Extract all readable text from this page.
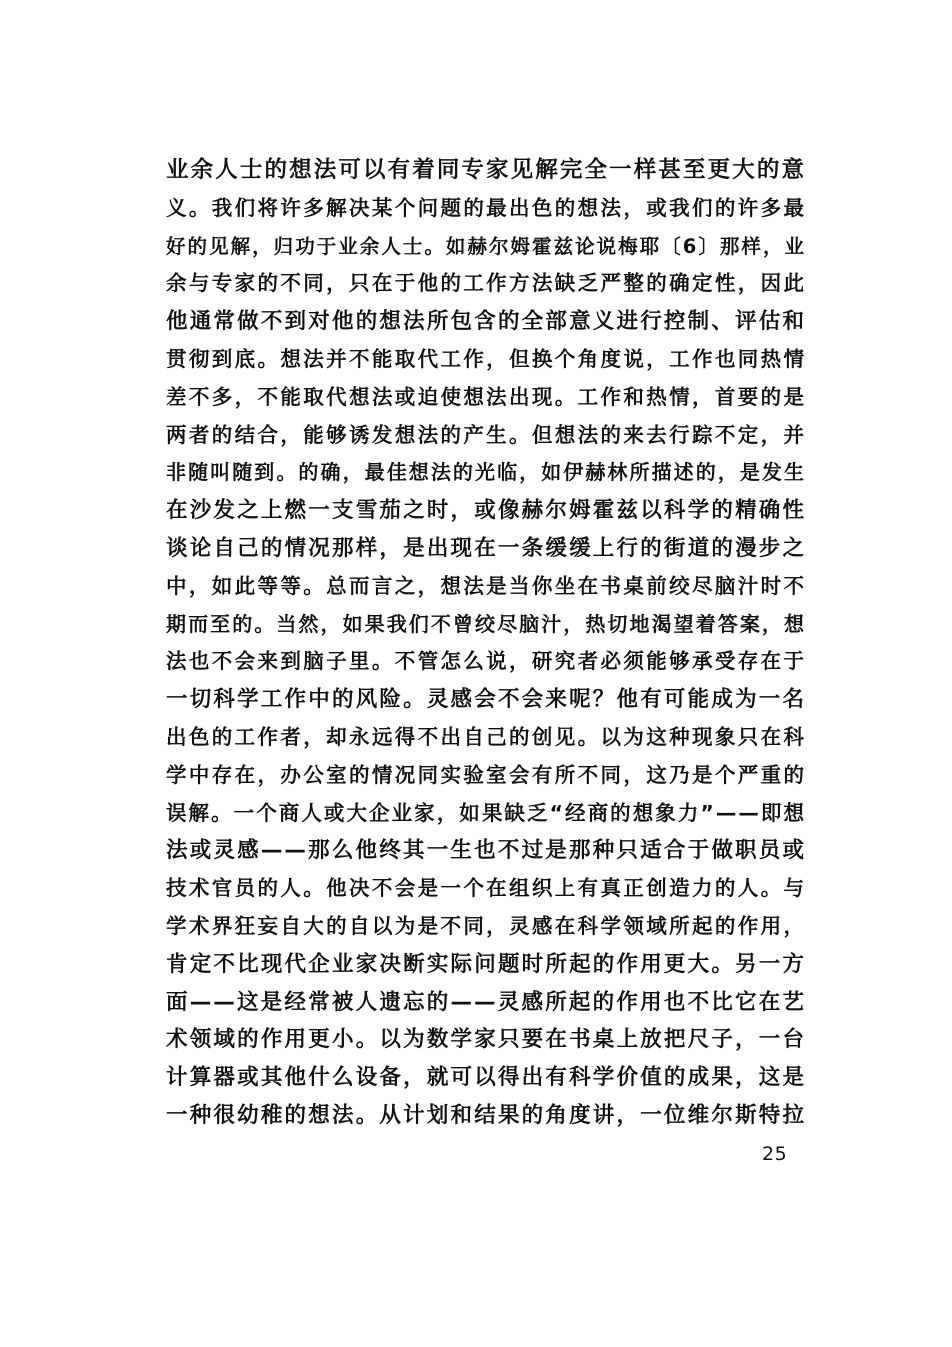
业余人士的想法可以有着同专家见解完全一样甚至更大的意
义。我们将许多解决某个问题的最出色的想法，或我们的许多最
好的见解，归功于业余人士。如赫尔姆霍兹论说梅耶〔6〕那样，业
余与专家的不同，只在于他的工作方法缺乏严整的确定性，因此
他通常做不到对他的想法所包含的全部意义进行控制、评估和
贯彻到底。想法并不能取代工作，但换个角度说，工作也同热情
差不多，不能取代想法或迫使想法出现。工作和热情，首要的是
两者的结合，能够诱发想法的产生。但想法的来去行踪不定，并
非随叫随到。的确，最佳想法的光临，如伊赫林所描述的，是发生
在沙发之上燃一支雪茄之时，或像赫尔姆霍兹以科学的精确性
谈论自己的情况那样，是出现在一条缓缓上行的街道的漫步之
中，如此等等。总而言之，想法是当你坐在书桌前绞尽脑汁时不
期而至的。当然，如果我们不曾绞尽脑汁，热切地渴望着答案，想
法也不会来到脑子里。不管怎么说，研究者必须能够承受存在于
一切科学工作中的风险。灵感会不会来呢？他有可能成为一名
出色的工作者，却永远得不出自己的创见。以为这种现象只在科
学中存在，办公室的情况同实验室会有所不同，这乃是个严重的
误解。一个商人或大企业家，如果缺乏“经商的想象力”——即想
法或灵感——那么他终其一生也不过是那种只适合于做职员或
技术官员的人。他决不会是一个在组织上有真正创造力的人。与
学术界狂妄自大的自以为是不同，灵感在科学领域所起的作用，
肯定不比现代企业家决断实际问题时所起的作用更大。另一方
面——这是经常被人遗忘的——灵感所起的作用也不比它在艺
术领域的作用更小。以为数学家只要在书桌上放把尺子，一台
计算器或其他什么设备，就可以得出有科学价值的成果，这是
一种很幼稚的想法。从计划和结果的角度讲，一位维尔斯特拉
25
